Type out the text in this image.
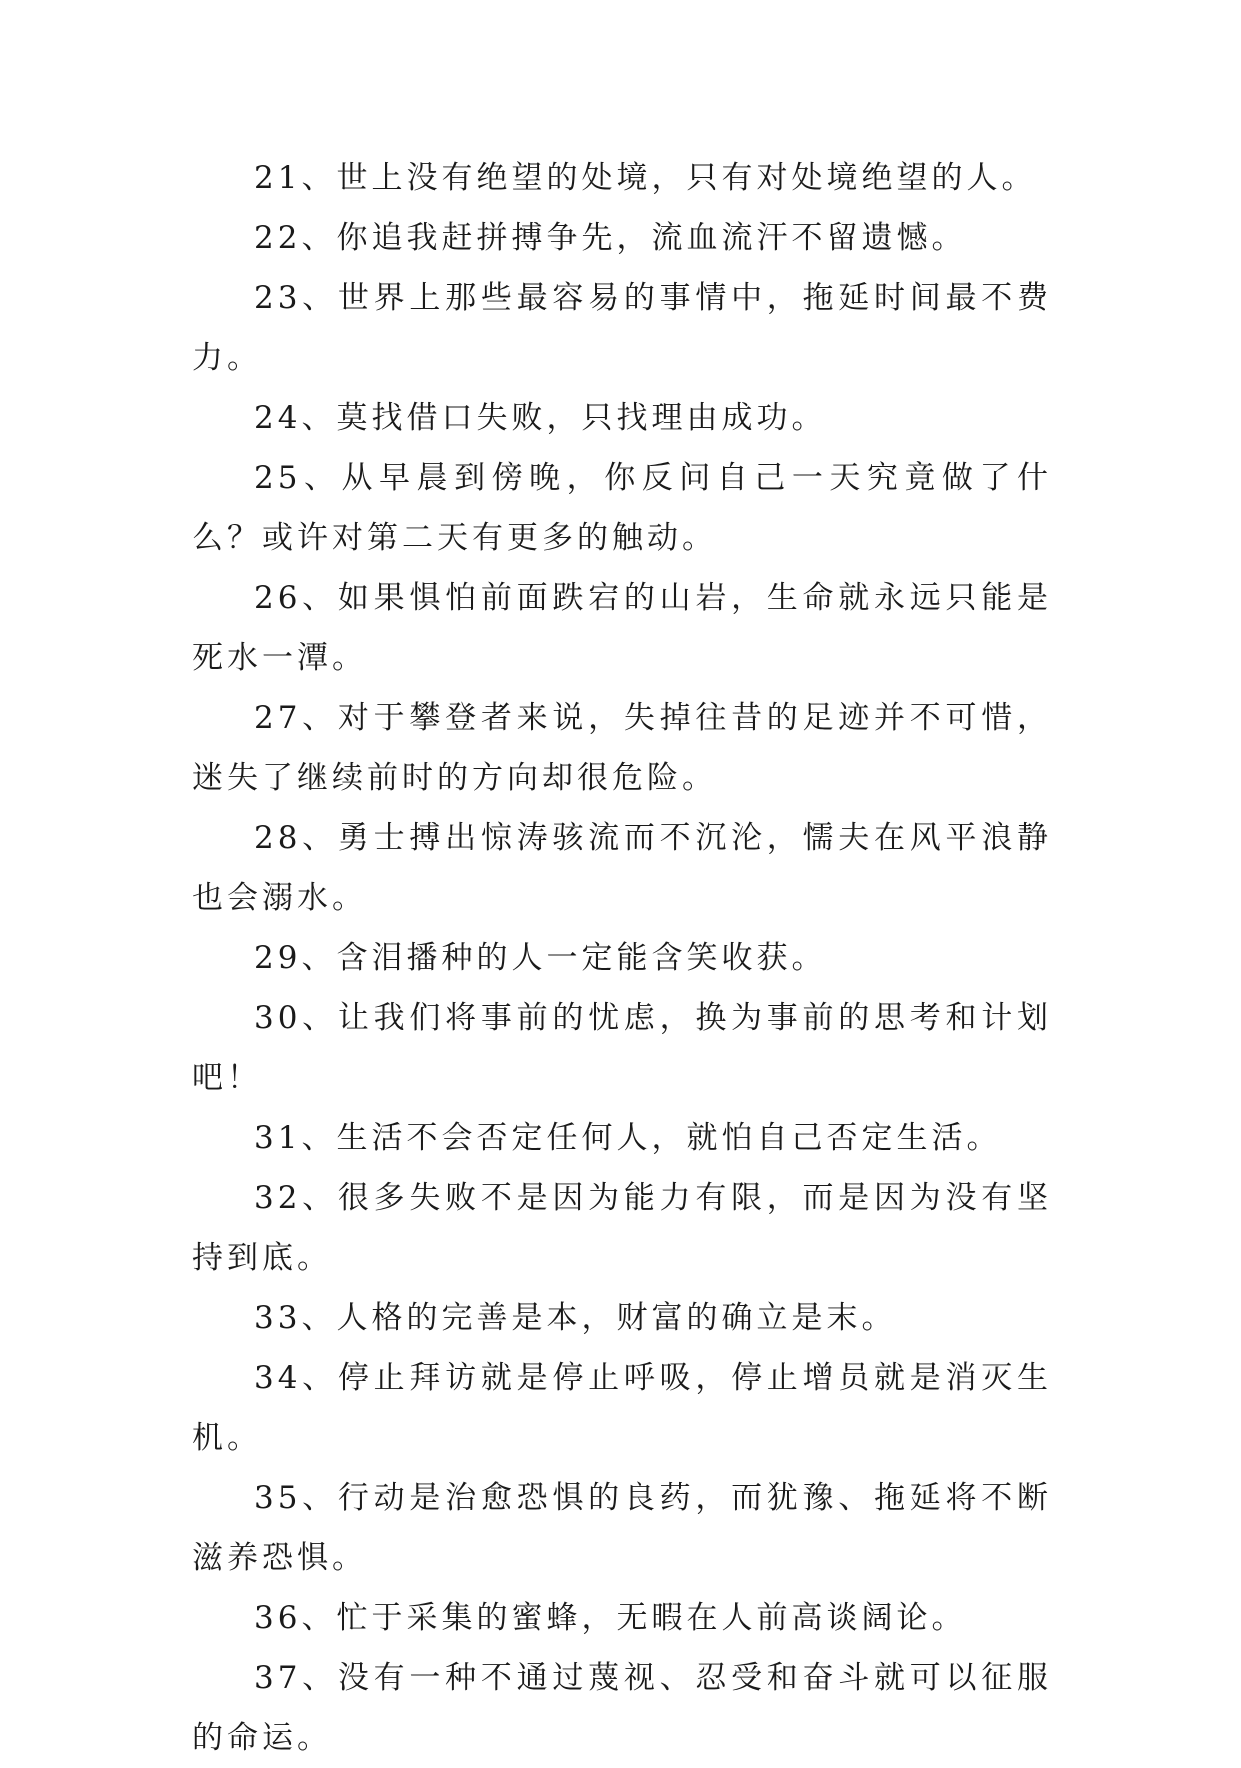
21、世上没有绝望的处境，只有对处境绝望的人。

22、你追我赶拼搏争先，流血流汗不留遗憾。

23、世界上那些最容易的事情中，拖延时间最不费力。

24、莫找借口失败，只找理由成功。

25、从早晨到傍晚，你反问自己一天究竟做了什么？或许对第二天有更多的触动。

26、如果惧怕前面跌宕的山岩，生命就永远只能是死水一潭。

27、对于攀登者来说，失掉往昔的足迹并不可惜，迷失了继续前时的方向却很危险。

28、勇士搏出惊涛骇流而不沉沦，懦夫在风平浪静也会溺水。

29、含泪播种的人一定能含笑收获。

30、让我们将事前的忧虑，换为事前的思考和计划吧！

31、生活不会否定任何人，就怕自己否定生活。

32、很多失败不是因为能力有限，而是因为没有坚持到底。

33、人格的完善是本，财富的确立是末。

34、停止拜访就是停止呼吸，停止增员就是消灭生机。

35、行动是治愈恐惧的良药，而犹豫、拖延将不断滋养恐惧。

36、忙于采集的蜜蜂，无暇在人前高谈阔论。

37、没有一种不通过蔑视、忍受和奋斗就可以征服的命运。
